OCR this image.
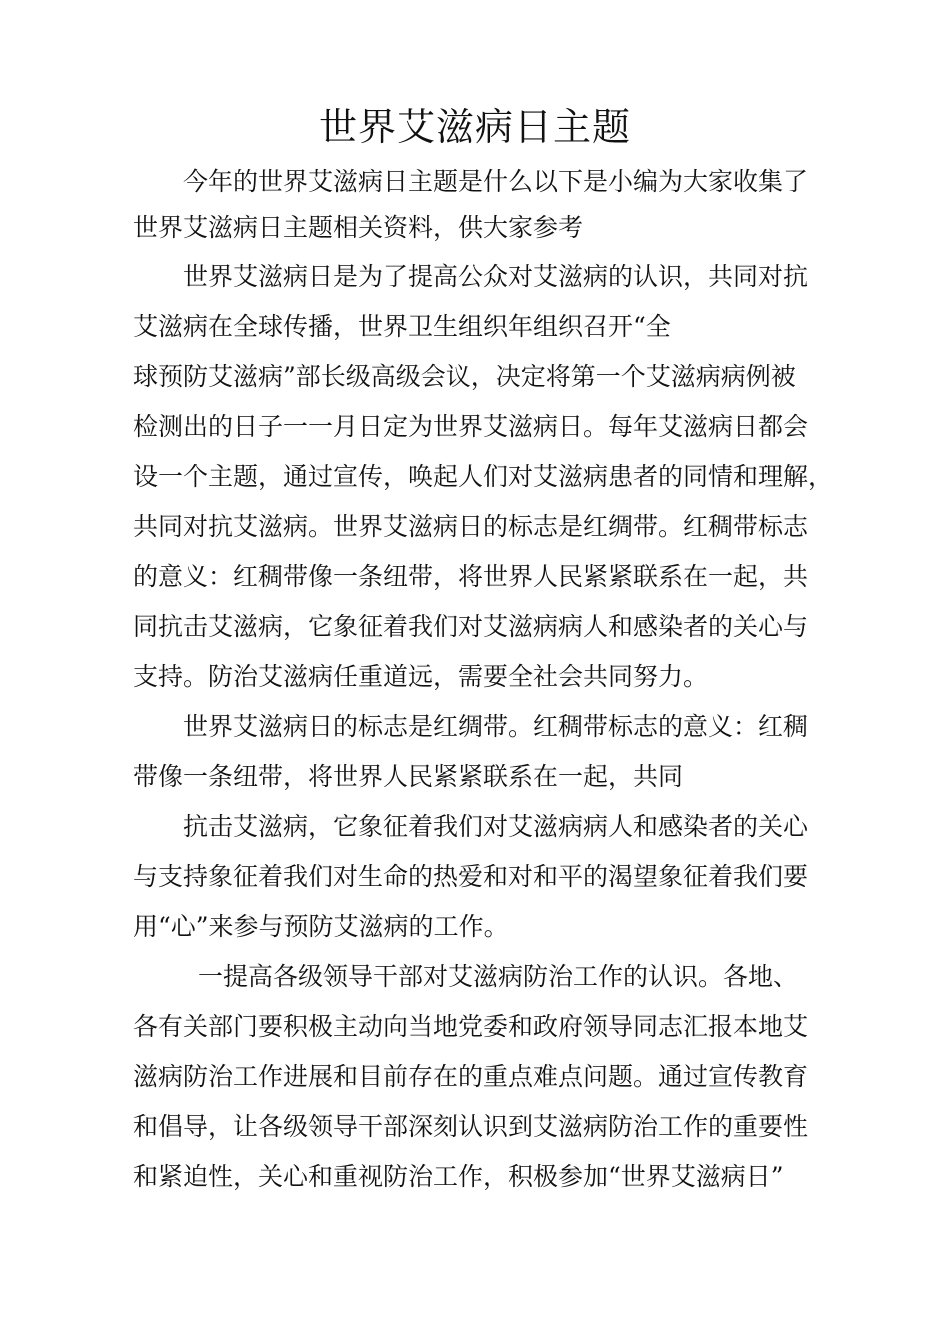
世界艾滋病日主题
今年的世界艾滋病日主题是什么以下是小编为大家收集了
世界艾滋病日主题相关资料，供大家参考
世界艾滋病日是为了提高公众对艾滋病的认识，共同对抗
艾滋病在全球传播，世界卫生组织年组织召开“全
球预防艾滋病”部长级高级会议，决定将第一个艾滋病病例被
检测出的日子一一月日定为世界艾滋病日。每年艾滋病日都会
设一个主题，通过宣传，唤起人们对艾滋病患者的同情和理解，
共同对抗艾滋病。世界艾滋病日的标志是红绸带。红稠带标志
的意义：红稠带像一条纽带，将世界人民紧紧联系在一起，共
同抗击艾滋病，它象征着我们对艾滋病病人和感染者的关心与
支持。防治艾滋病任重道远，需要全社会共同努力。
世界艾滋病日的标志是红绸带。红稠带标志的意义：红稠
带像一条纽带，将世界人民紧紧联系在一起，共同
抗击艾滋病，它象征着我们对艾滋病病人和感染者的关心
与支持象征着我们对生命的热爱和对和平的渴望象征着我们要
用“心”来参与预防艾滋病的工作。
一提高各级领导干部对艾滋病防治工作的认识。各地、
各有关部门要积极主动向当地党委和政府领导同志汇报本地艾
滋病防治工作进展和目前存在的重点难点问题。通过宣传教育
和倡导，让各级领导干部深刻认识到艾滋病防治工作的重要性
和紧迫性，关心和重视防治工作，积极参加“世界艾滋病日”
